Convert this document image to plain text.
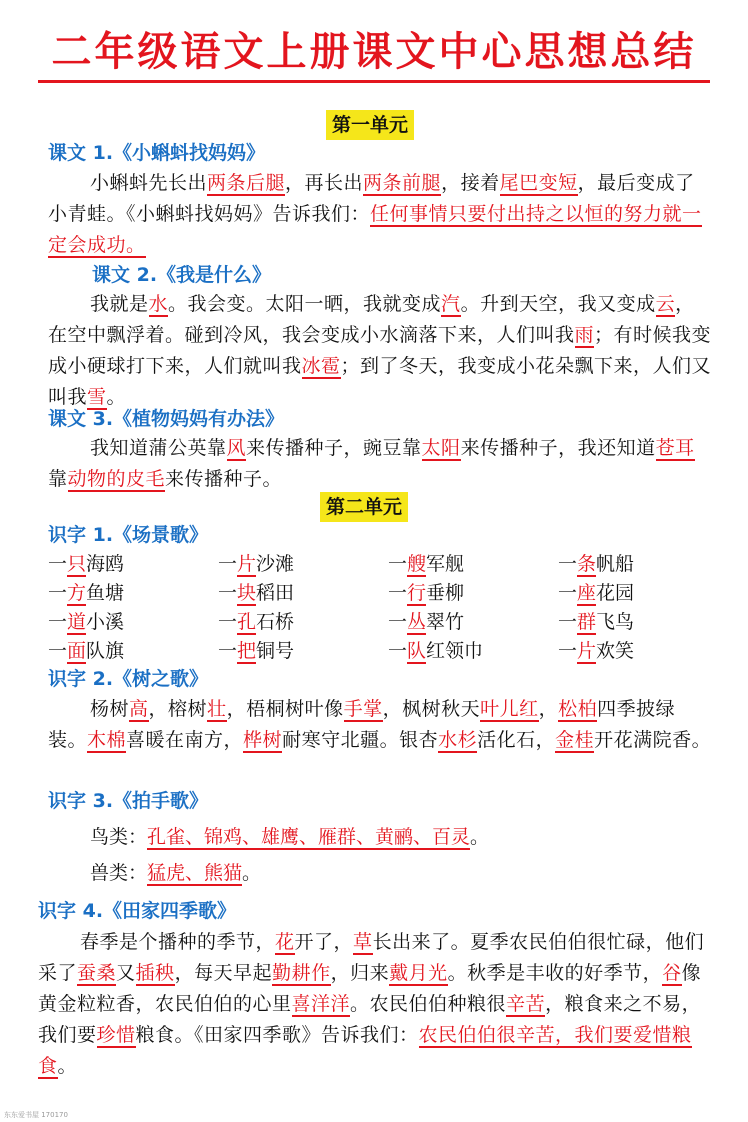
二年级语文上册课文中心思想总结
第一单元
课文 1.《小蝌蚪找妈妈》

小蝌蚪先长出两条后腿，再长出两条前腿，接着尾巴变短，最后变成了小青蛙。《小蝌蚪找妈妈》告诉我们：任何事情只要付出持之以恒的努力就一定会成功。

课文 2.《我是什么》

我就是水。我会变。太阳一晒，我就变成汽。升到天空，我又变成云，在空中飘浮着。碰到冷风，我会变成小水滴落下来，人们叫我雨；有时候我变成小硬球打下来，人们就叫我冰雹；到了冬天，我变成小花朵飘下来，人们又叫我雪。

课文 3.《植物妈妈有办法》

我知道蒲公英靠风来传播种子，豌豆靠太阳来传播种子，我还知道苍耳靠动物的皮毛来传播种子。

第二单元
识字 1.《场景歌》
一只海鸥	一片沙滩	一艘军舰	一条帆船
一方鱼塘	一块稻田	一行垂柳	一座花园
一道小溪	一孔石桥	一丛翠竹	一群飞鸟
一面队旗	一把铜号	一队红领巾	一片欢笑
识字 2.《树之歌》

杨树高，榕树壮，梧桐树叶像手掌，枫树秋天叶儿红，松柏四季披绿装。木棉喜暖在南方，桦树耐寒守北疆。银杏水杉活化石，金桂开花满院香。

识字 3.《拍手歌》
鸟类：孔雀、锦鸡、雄鹰、雁群、黄鹂、百灵。
兽类：猛虎、熊猫。
识字 4.《田家四季歌》

春季是个播种的季节，花开了，草长出来了。夏季农民伯伯很忙碌，他们采了蚕桑又插秧，每天早起勤耕作，归来戴月光。秋季是丰收的好季节，谷像黄金粒粒香，农民伯伯的心里喜洋洋。农民伯伯种粮很辛苦，粮食来之不易，我们要珍惜粮食。《田家四季歌》告诉我们：农民伯伯很辛苦，我们要爱惜粮食。

东东爱书屋 170170
